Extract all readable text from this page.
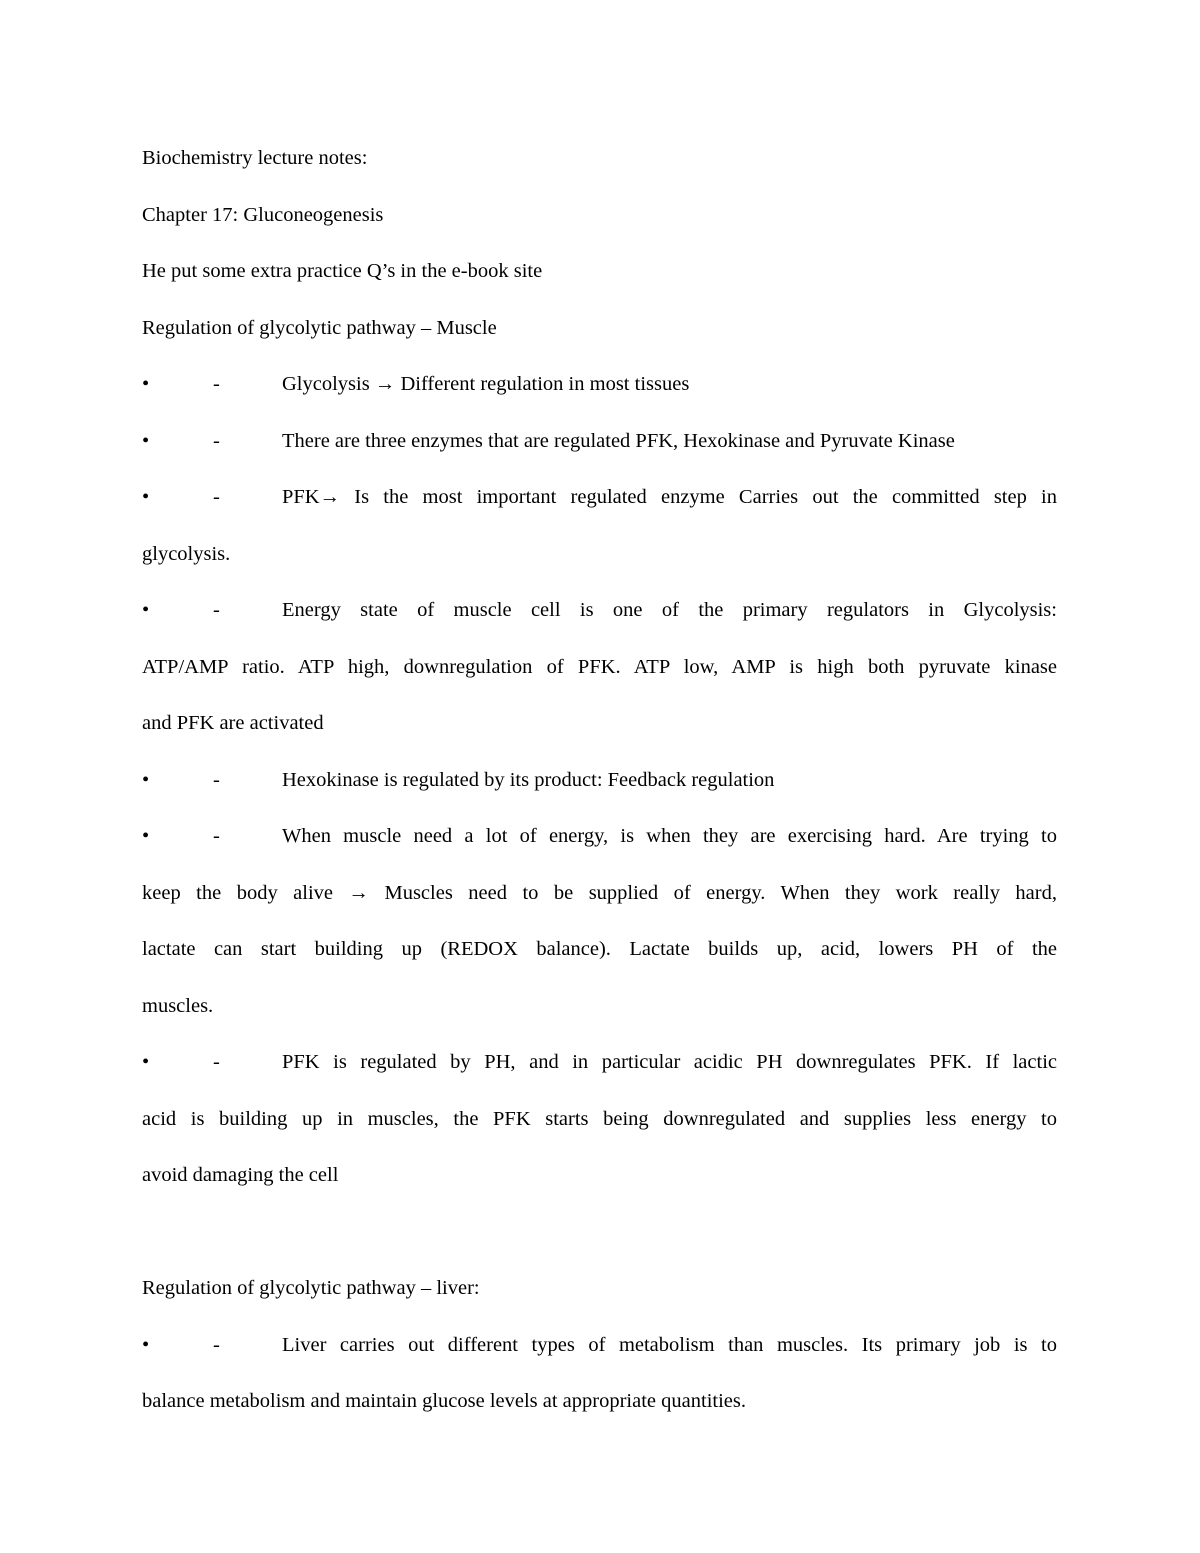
Biochemistry lecture notes:

Chapter 17: Gluconeogenesis

He put some extra practice Q’s in the e-book site

Regulation of glycolytic pathway – Muscle

•	-	Glycolysis → Different regulation in most tissues
•	-	There are three enzymes that are regulated PFK, Hexokinase and Pyruvate Kinase
•	-	PFK→ Is the most important regulated enzyme Carries out the committed step in
glycolysis.
•	-	Energy state of muscle cell is one of the primary regulators in Glycolysis:
ATP/AMP ratio. ATP high, downregulation of PFK. ATP low, AMP is high both pyruvate kinase
and PFK are activated
•	-	Hexokinase is regulated by its product: Feedback regulation
•	-	When muscle need a lot of energy, is when they are exercising hard. Are trying to
keep the body alive → Muscles need to be supplied of energy. When they work really hard,
lactate can start building up (REDOX balance). Lactate builds up, acid, lowers PH of the
muscles.
•	-	PFK is regulated by PH, and in particular acidic PH downregulates PFK. If lactic
acid is building up in muscles, the PFK starts being downregulated and supplies less energy to
avoid damaging the cell

Regulation of glycolytic pathway – liver:

•	-	Liver carries out different types of metabolism than muscles. Its primary job is to
balance metabolism and maintain glucose levels at appropriate quantities.
